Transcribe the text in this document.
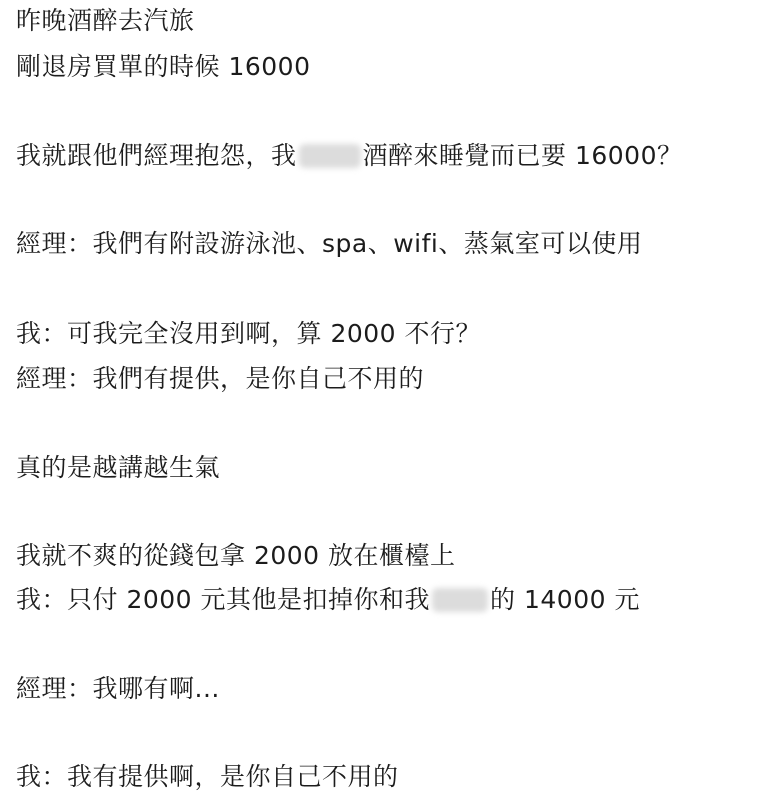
昨晚酒醉去汽旅
剛退房買單的時候 16000
我就跟他們經理抱怨，我	酒醉來睡覺而已要 16000？
經理：我們有附設游泳池、spa、wifi、蒸氣室可以使用
我：可我完全沒用到啊，算 2000 不行？
經理：我們有提供，是你自己不用的
真的是越講越生氣
我就不爽的從錢包拿 2000 放在櫃檯上
我：只付 2000 元其他是扣掉你和我 的 14000 元
經理：我哪有啊...
我：我有提供啊，是你自己不用的
